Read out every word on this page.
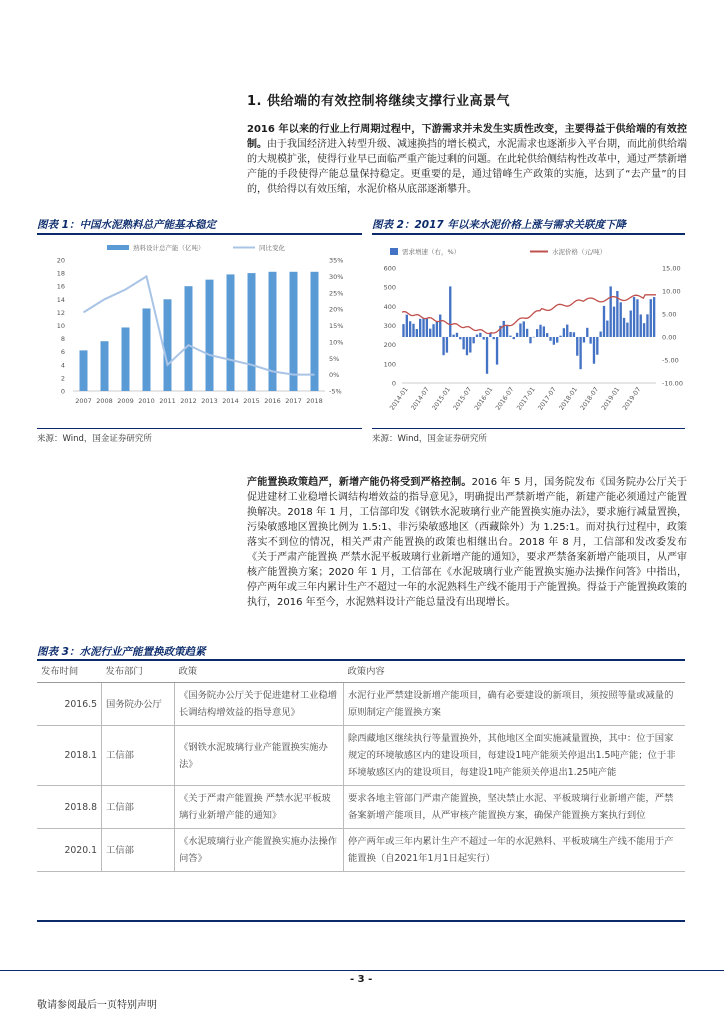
1. 供给端的有效控制将继续支撑行业高景气
2016 年以来的行业上行周期过程中，下游需求并未发生实质性改变，主要得益于供给端的有效控制。由于我国经济进入转型升级、减速换挡的增长模式，水泥需求也逐渐步入平台期，而此前供给端的大规模扩张，使得行业早已面临严重产能过剩的问题。在此轮供给侧结构性改革中，通过严禁新增产能的手段使得产能总量保持稳定。更重要的是，通过错峰生产政策的实施，达到了“去产量”的目的，供给得以有效压缩，水泥价格从底部逐渐攀升。
图表 1：中国水泥熟料总产能基本稳定	图表 2：2017 年以来水泥价格上涨与需求关联度下降
熟料设计总产能（亿吨）	同比变化
0
2
4
6
8
10
12
14
16
18
20
-5%
0%
5%
10%
15%
20%
25%
30%
35%
2007 2008 2009 2010 2011 2012 2013 2014 2015 2016 2017 2018
需求增速（右，%）	水泥价格（元/吨）
0
100
200
300
400
500
600
-10.00
-5.00
0.00
5.00
10.00
15.00
2014-01 2014-07 2015-01 2015-07 2016-01 2016-07 2017-01 2017-07 2018-01 2018-07 2019-01 2019-07
来源：Wind，国金证券研究所	来源：Wind，国金证券研究所
产能置换政策趋严，新增产能仍将受到严格控制。2016 年 5 月，国务院发布《国务院办公厅关于促进建材工业稳增长调结构增效益的指导意见》，明确提出严禁新增产能，新建产能必须通过产能置换解决。2018 年 1 月，工信部印发《钢铁水泥玻璃行业产能置换实施办法》，要求施行减量置换，污染敏感地区置换比例为 1.5:1、非污染敏感地区（西藏除外）为 1.25:1。而对执行过程中，政策落实不到位的情况，相关严肃产能置换的政策也相继出台。2018 年 8 月，工信部和发改委发布《关于严肃产能置换 严禁水泥平板玻璃行业新增产能的通知》，要求严禁备案新增产能项目，从严审核产能置换方案；2020 年 1 月，工信部在《水泥玻璃行业产能置换实施办法操作问答》中指出，停产两年或三年内累计生产不超过一年的水泥熟料生产线不能用于产能置换。得益于产能置换政策的执行，2016 年至今，水泥熟料设计产能总量没有出现增长。
图表 3：水泥行业产能置换政策趋紧
发布时间	发布部门	政策	政策内容
2016.5	国务院办公厅	《国务院办公厅关于促进建材工业稳增长调结构增效益的指导意见》	水泥行业严禁建设新增产能项目，确有必要建设的新项目，须按照等量或减量的原则制定产能置换方案
2018.1	工信部	《钢铁水泥玻璃行业产能置换实施办法》	除西藏地区继续执行等量置换外，其他地区全面实施减量置换，其中：位于国家规定的环境敏感区内的建设项目，每建设1吨产能须关停退出1.5吨产能；位于非环境敏感区内的建设项目，每建设1吨产能须关停退出1.25吨产能
2018.8	工信部	《关于严肃产能置换 严禁水泥平板玻璃行业新增产能的通知》	要求各地主管部门严肃产能置换，坚决禁止水泥、平板玻璃行业新增产能，严禁备案新增产能项目，从严审核产能置换方案，确保产能置换方案执行到位
2020.1	工信部	《水泥玻璃行业产能置换实施办法操作问答》	停产两年或三年内累计生产不超过一年的水泥熟料、平板玻璃生产线不能用于产能置换（自2021年1月1日起实行）
- 3 -
敬请参阅最后一页特别声明
